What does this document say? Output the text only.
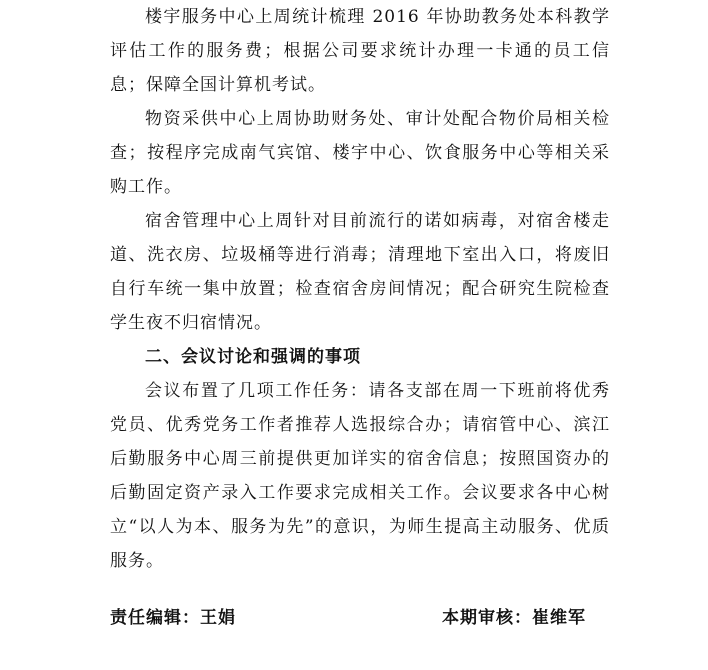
楼宇服务中心上周统计梳理 2016 年协助教务处本科教学评估工作的服务费；根据公司要求统计办理一卡通的员工信息；保障全国计算机考试。

物资采供中心上周协助财务处、审计处配合物价局相关检查；按程序完成南气宾馆、楼宇中心、饮食服务中心等相关采购工作。

宿舍管理中心上周针对目前流行的诺如病毒，对宿舍楼走道、洗衣房、垃圾桶等进行消毒；清理地下室出入口，将废旧自行车统一集中放置；检查宿舍房间情况；配合研究生院检查学生夜不归宿情况。

二、会议讨论和强调的事项

会议布置了几项工作任务：请各支部在周一下班前将优秀党员、优秀党务工作者推荐人选报综合办；请宿管中心、滨江后勤服务中心周三前提供更加详实的宿舍信息；按照国资办的后勤固定资产录入工作要求完成相关工作。会议要求各中心树立“以人为本、服务为先”的意识，为师生提高主动服务、优质服务。

责任编辑：王娟	本期审核：崔维军
